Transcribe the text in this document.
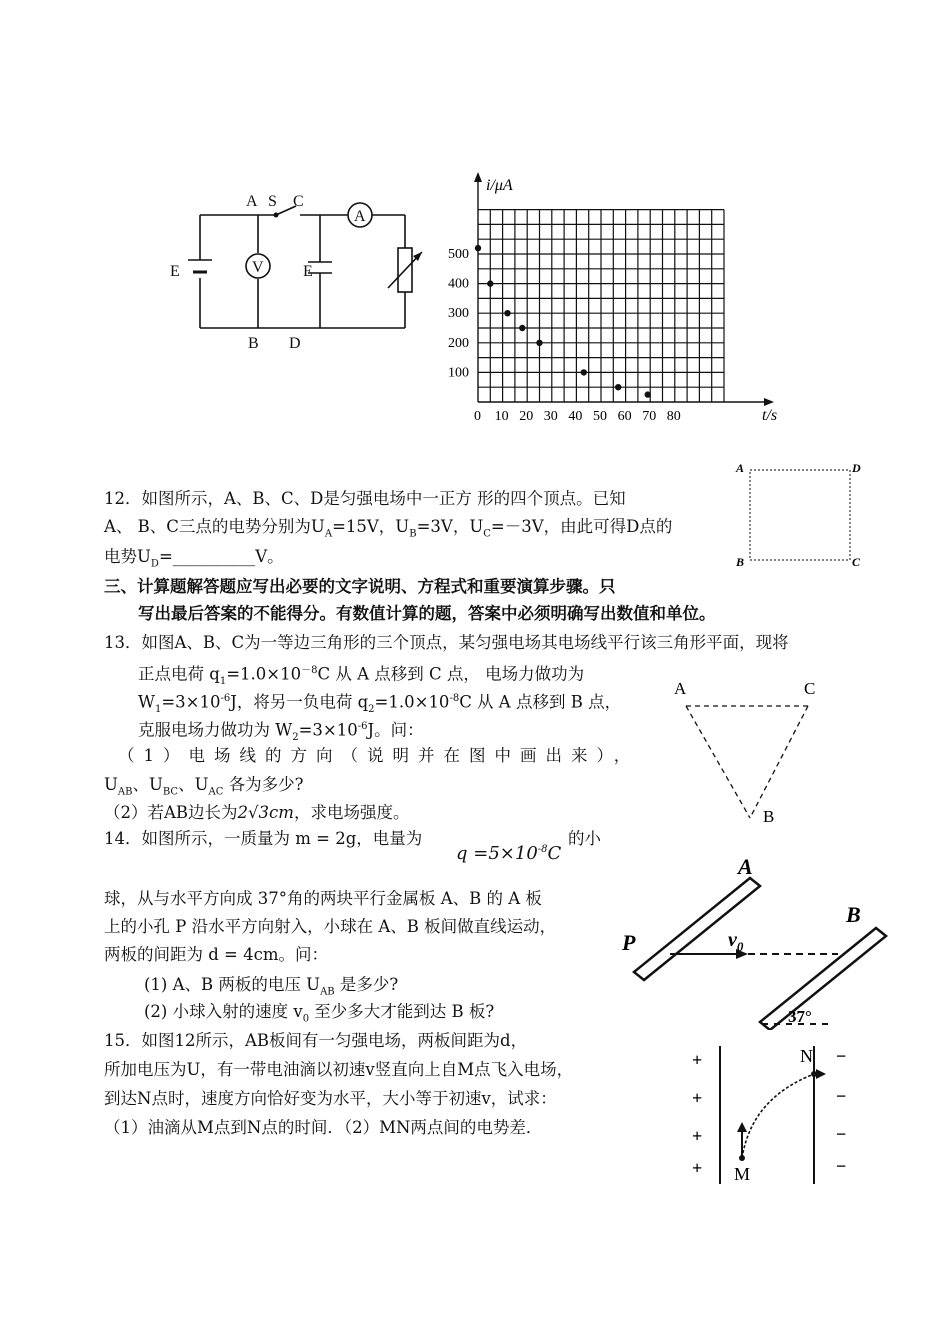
A S C
E	V E
A
B D
i/μA
t/s
0 10 20 30 40 50 60 70 80
100
200
300
400
500
12．如图所示，A、B、C、D是匀强电场中一正方 形的四个顶点。已知
A、 B、C三点的电势分别为$U_A=15V$，$U_B=3V$，$U_C=-3V$，由此可得D点的
电势$U_D=\_\_\_\_\_\_\_\_\_\_V$。
A	D
B	C
三、计算题解答题应写出必要的文字说明、方程式和重要演算步骤。只
写出最后答案的不能得分。有数值计算的题，答案中必须明确写出数值和单位。
13．如图A、B、C为一等边三角形的三个顶点，某匀强电场其电场线平行该三角形平面，现将
正点电荷 $q_1=1.0\times 10^{-8}C$ 从 A 点移到 C 点， 电场力做功为
$W_1=3\times 10^{-6}J$，将另一负电荷 $q_2=1.0\times 10^{-8}C$ 从 A 点移到 B 点，
克服电场力做功为 $W_2=3\times 10^{-6}J$。问：
（1）电场线的方向（说明并在图中画出来），
$U_{AB}$、$U_{BC}$、$U_{AC}$ 各为多少?
（2）若AB边长为2√3cm，求电场强度。
A	C
B
14．如图所示，一质量为 m = 2g，电量为
$q =5\times 10^{-8}C$
的小
球，从与水平方向成 37°角的两块平行金属板 A、B 的 A 板
上的小孔 P 沿水平方向射入，小球在 A、B 板间做直线运动，
两板的间距为 d = 4cm。问：
(1) A、B 两板的电压 $U_{AB}$ 是多少?
(2) 小球入射的速度 $v_0$ 至少多大才能到达 B 板?
A
B
P	$v_0$
37°
15．如图12所示，AB板间有一匀强电场，两板间距为d，
所加电压为U，有一带电油滴以初速v竖直向上自M点飞入电场，
到达N点时，速度方向恰好变为水平，大小等于初速v，试求：
（1）油滴从M点到N点的时间．（2）MN两点间的电势差．
+
+
+
+
−
−
−
−
N
M
